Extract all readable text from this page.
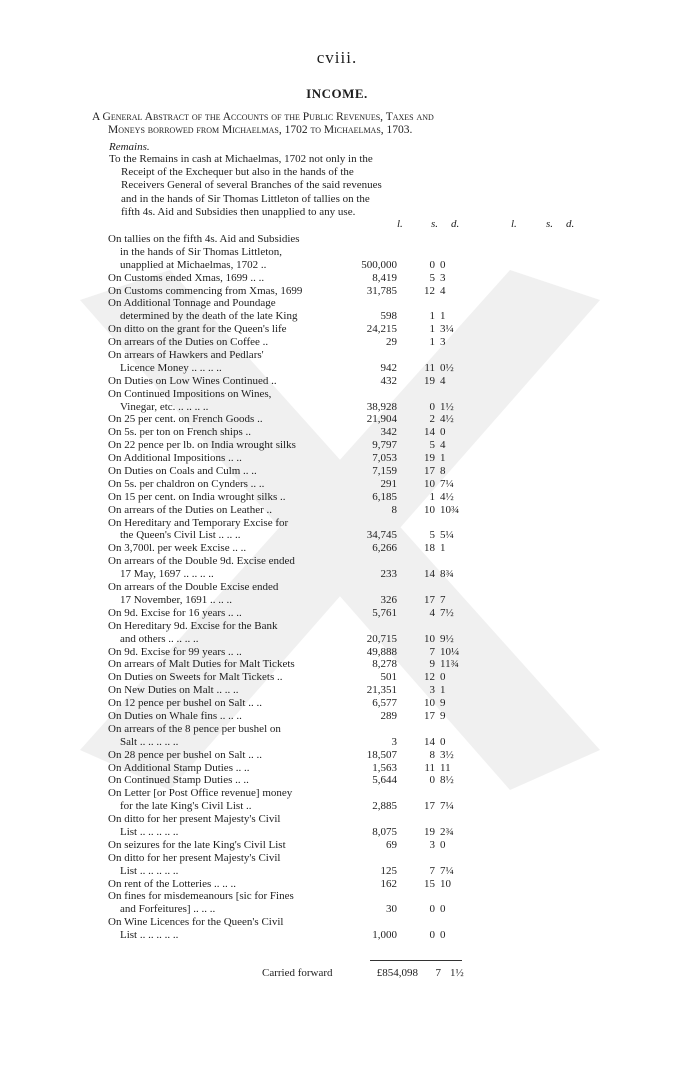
cviii.
INCOME.
A General Abstract of the Accounts of the Public Revenues, Taxes and
Moneys borrowed from Michaelmas, 1702 to Michaelmas, 1703.
Remains.
To the Remains in cash at Michaelmas, 1702 not only in the
Receipt of the Exchequer but also in the hands of the
Receivers General of several Branches of the said revenues
and in the hands of Sir Thomas Littleton of tallies on the
fifth 4s. Aid and Subsidies then unapplied to any use.
l.	s. d.	l.	s. d.
On tallies on the fifth 4s. Aid and Subsidies
in the hands of Sir Thomas Littleton,
unapplied at Michaelmas, 1702 ..	500,000	0 0
On Customs ended Xmas, 1699 .. ..	8,419	5 3
On Customs commencing from Xmas, 1699	31,785	12 4
On Additional Tonnage and Poundage
determined by the death of the late King	598	1 1
On ditto on the grant for the Queen's life	24,215	1 3¼
On arrears of the Duties on Coffee ..	29	1 3
On arrears of Hawkers and Pedlars'
Licence Money .. .. .. ..	942	11 0½
On Duties on Low Wines Continued ..	432	19 4
On Continued Impositions on Wines,
Vinegar, etc. .. .. .. ..	38,928	0 1½
On 25 per cent. on French Goods ..	21,904	2 4½
On 5s. per ton on French ships ..	342	14 0
On 22 pence per lb. on India wrought silks	9,797	5 4
On Additional Impositions .. ..	7,053	19 1
On Duties on Coals and Culm .. ..	7,159	17 8
On 5s. per chaldron on Cynders .. ..	291	10 7¼
On 15 per cent. on India wrought silks ..	6,185	1 4½
On arrears of the Duties on Leather ..	8	10 10¾
On Hereditary and Temporary Excise for
the Queen's Civil List .. .. ..	34,745	5 5¼
On 3,700l. per week Excise .. ..	6,266	18 1
On arrears of the Double 9d. Excise ended
17 May, 1697 .. .. .. ..	233	14 8¾
On arrears of the Double Excise ended
17 November, 1691 .. .. ..	326	17 7
On 9d. Excise for 16 years .. ..	5,761	4 7½
On Hereditary 9d. Excise for the Bank
and others .. .. .. ..	20,715	10 9½
On 9d. Excise for 99 years .. ..	49,888	7 10¼
On arrears of Malt Duties for Malt Tickets	8,278	9 11¾
On Duties on Sweets for Malt Tickets ..	501	12 0
On New Duties on Malt .. .. ..	21,351	3 1
On 12 pence per bushel on Salt .. ..	6,577	10 9
On Duties on Whale fins .. .. ..	289	17 9
On arrears of the 8 pence per bushel on
Salt .. .. .. .. ..	3	14 0
On 28 pence per bushel on Salt .. ..	18,507	8 3½
On Additional Stamp Duties .. ..	1,563	11 11
On Continued Stamp Duties .. ..	5,644	0 8½
On Letter [or Post Office revenue] money
for the late King's Civil List ..	2,885	17 7¼
On ditto for her present Majesty's Civil
List .. .. .. .. ..	8,075	19 2¾
On seizures for the late King's Civil List	69	3 0
On ditto for her present Majesty's Civil
List .. .. .. .. ..	125	7 7¼
On rent of the Lotteries .. .. ..	162	15 10
On fines for misdemeanours [sic for Fines
and Forfeitures] .. .. ..	30	0 0
On Wine Licences for the Queen's Civil
List .. .. .. .. ..	1,000	0 0
Carried forward	£854,098	7 1½
